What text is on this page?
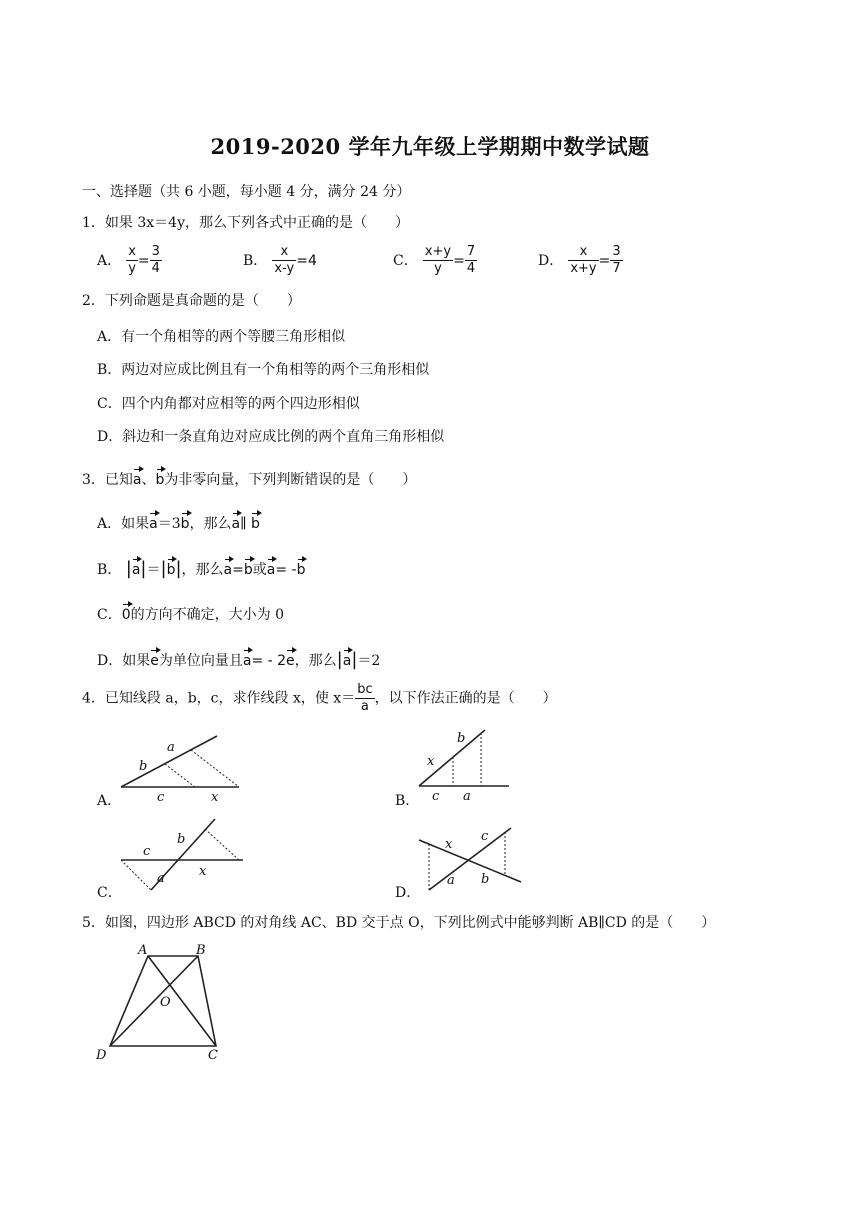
2019-2020 学年九年级上学期期中数学试题
一、选择题（共 6 小题，每小题 4 分，满分 24 分）
1．如果 3x＝4y，那么下列各式中正确的是（　　）
A． $\frac{x}{y} = \frac{3}{4}$	B． $\frac{x}{x-y} =4$	C． $\frac{x+y}{y} = \frac{7}{4}$	D． $\frac{x}{x+y} = \frac{3}{7}$
2．下列命题是真命题的是（　　）
A．有一个角相等的两个等腰三角形相似
B．两边对应成比例且有一个角相等的两个三角形相似
C．四个内角都对应相等的两个四边形相似
D．斜边和一条直角边对应成比例的两个直角三角形相似
3．已知a、b为非零向量，下列判断错误的是（　　）
A．如果a＝3b，那么a∥ b
B． |a|＝|b|，那么a=b或a= -b
C．0的方向不确定，大小为 0
D．如果e为单位向量且a= - 2e，那么|a|＝2
4．已知线段 a，b，c，求作线段 x，使 $x= \frac{bc}{a}$ ，以下作法正确的是（　　）
A．	B．
C．	D．
a
b
c	x
x
b
c a
c
b
a	x
x
c
a b
5．如图，四边形 ABCD 的对角线 AC、BD 交于点 O，下列比例式中能够判断 AB∥CD 的是（　　）
A	B
C
D
O
